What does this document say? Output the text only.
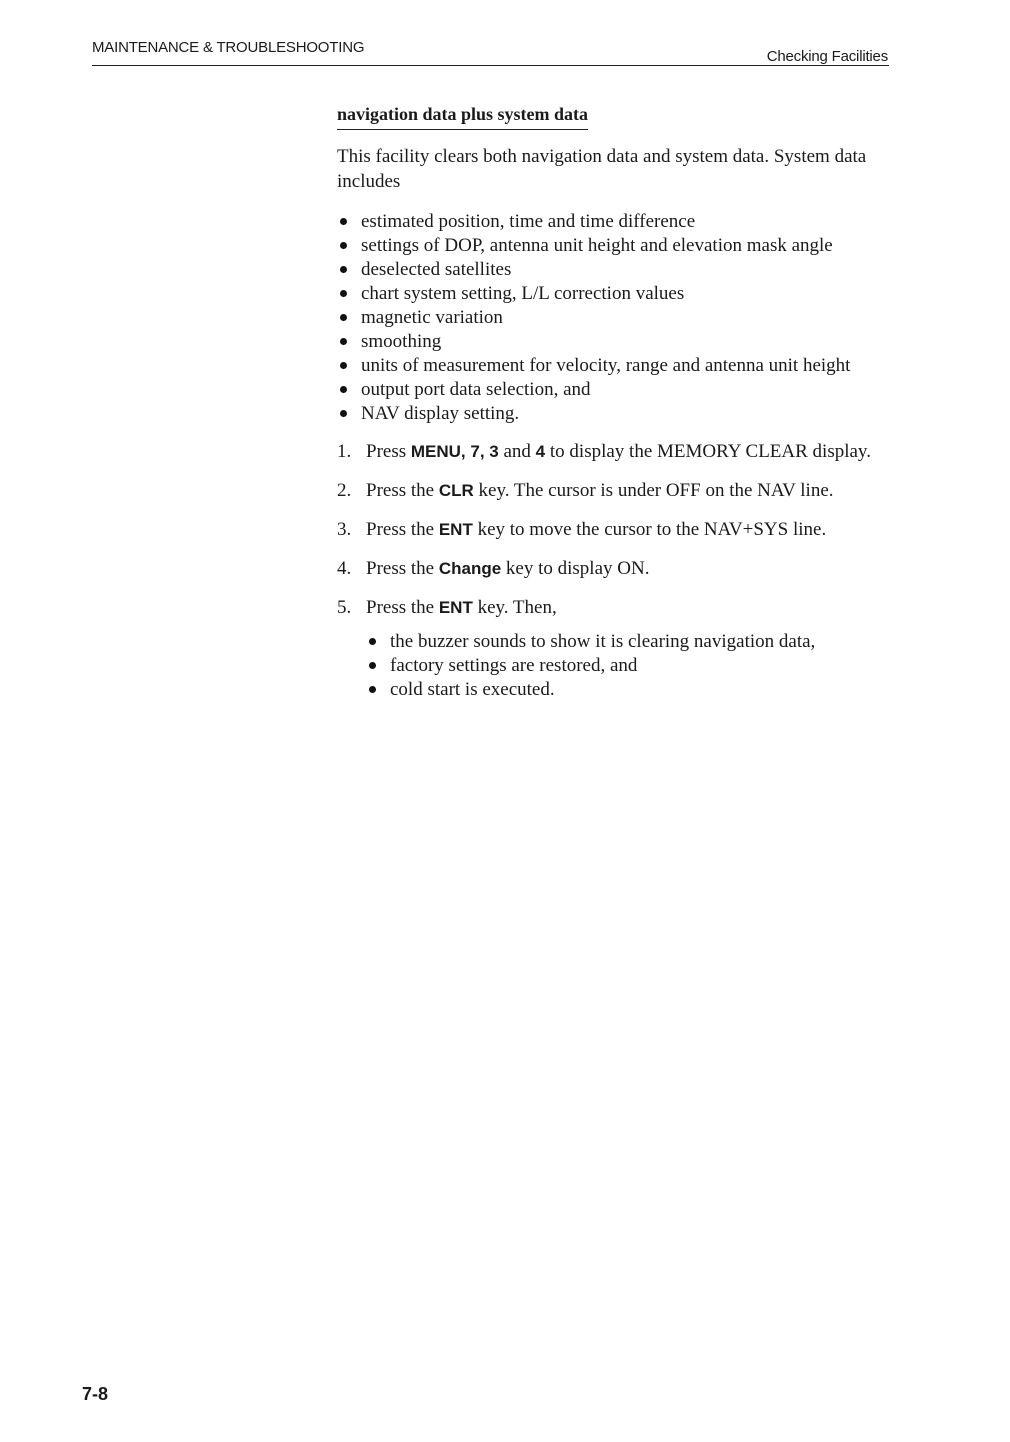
MAINTENANCE & TROUBLESHOOTING
Checking Facilities
navigation data plus system data

This facility clears both navigation data and system data. System data includes

estimated position, time and time difference
settings of DOP, antenna unit height and elevation mask angle
deselected satellites
chart system setting, L/L correction values
magnetic variation
smoothing
units of measurement for velocity, range and antenna unit height
output port data selection, and
NAV display setting.
1. Press MENU, 7, 3 and 4 to display the MEMORY CLEAR display.
2. Press the CLR key. The cursor is under OFF on the NAV line.
3. Press the ENT key to move the cursor to the NAV+SYS line.
4. Press the Change key to display ON.
5. Press the ENT key. Then,
the buzzer sounds to show it is clearing navigation data,
factory settings are restored, and
cold start is executed.
7-8
